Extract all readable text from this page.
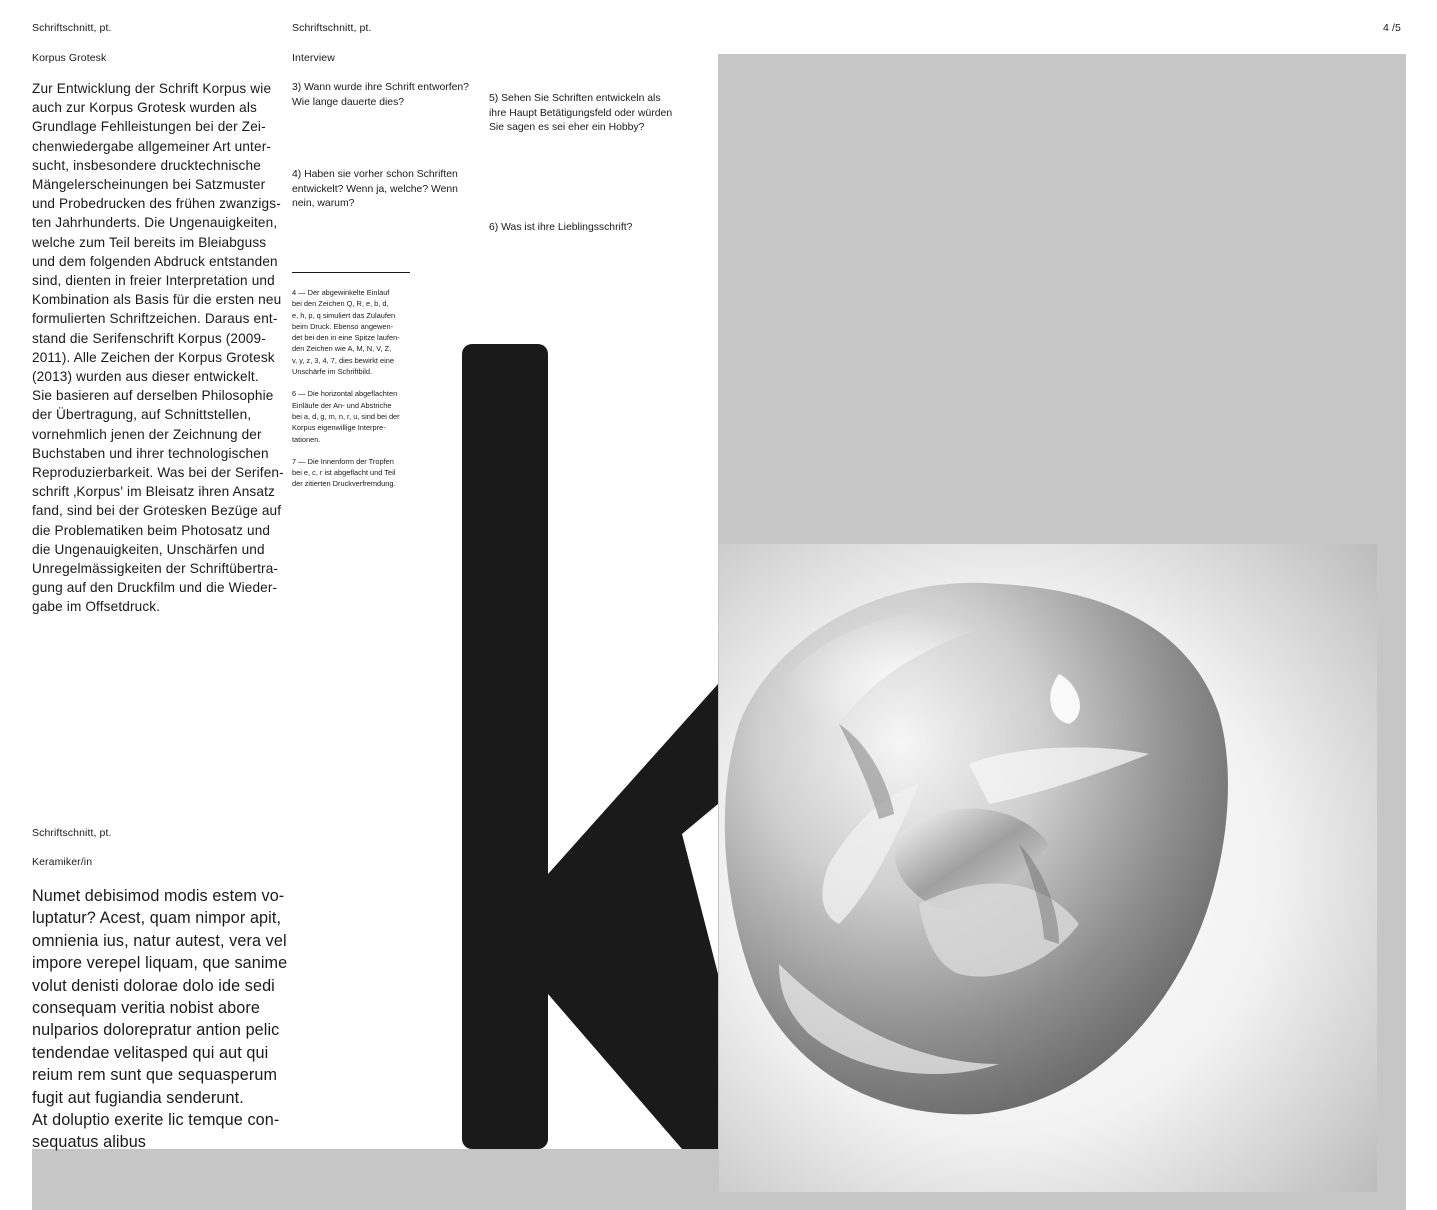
Schriftschnitt, pt.	Schriftschnitt, pt.	4 /5
Korpus Grotesk
Zur Entwicklung der Schrift Korpus wie
auch zur Korpus Grotesk wurden als
Grundlage Fehlleistungen bei der Zei-
chenwiedergabe allgemeiner Art unter-
sucht, insbesondere drucktechnische
Mängelerscheinungen bei Satzmuster
und Probedrucken des frühen zwanzigs-
ten Jahrhunderts. Die Ungenauigkeiten,
welche zum Teil bereits im Bleiabguss
und dem folgenden Abdruck entstanden
sind, dienten in freier Interpretation und
Kombination als Basis für die ersten neu
formulierten Schriftzeichen. Daraus ent-
stand die Serifenschrift Korpus (2009-
2011). Alle Zeichen der Korpus Grotesk
(2013) wurden aus dieser entwickelt.
Sie basieren auf derselben Philosophie
der Übertragung, auf Schnittstellen,
vornehmlich jenen der Zeichnung der
Buchstaben und ihrer technologischen
Reproduzierbarkeit. Was bei der Serifen-
schrift ‚Korpus' im Bleisatz ihren Ansatz
fand, sind bei der Grotesken Bezüge auf
die Problematiken beim Photosatz und
die Ungenauigkeiten, Unschärfen und
Unregelmässigkeiten der Schriftübertra-
gung auf den Druckfilm und die Wieder-
gabe im Offsetdruck.
Interview
3) Wann wurde ihre Schrift entworfen?
Wie lange dauerte dies?
4) Haben sie vorher schon Schriften
entwickelt? Wenn ja, welche? Wenn
nein, warum?
5) Sehen Sie Schriften entwickeln als
ihre Haupt Betätigungsfeld oder würden
Sie sagen es sei eher ein Hobby?
6) Was ist ihre Lieblingsschrift?
4 — Der abgewinkelte Einlauf
bei den Zeichen Q, R, e, b, d,
e, h, p, q simuliert das Zulaufen
beim Druck. Ebenso angewen-
det bei den in eine Spitze laufen-
den Zeichen wie A, M, N, V, Z,
v, y, z, 3, 4, 7, dies bewirkt eine
Unschärfe im Schriftbild.
6 — Die horizontal abgeflachten
Einläufe der An- und Abstriche
bei a, d, g, m, n, r, u, sind bei der
Korpus eigenwillige Interpre-
tationen.
7 — Die Innenform der Tropfen
bei e, c, r ist abgeflacht und Teil
der zitierten Druckverfremdung.
Schriftschnitt, pt.
Keramiker/in
Numet debisimod modis estem vo-
luptatur? Acest, quam nimpor apit,
omnienia ius, natur autest, vera vel
impore verepel liquam, que sanime
volut denisti dolorae dolo ide sedi
consequam veritia nobist abore
nulparios dolorepratur antion pelic
tendendae velitasped qui aut qui
reium rem sunt que sequasperum
fugit aut fugiandia senderunt.
At doluptio exerite lic temque con-
sequatus alibus
